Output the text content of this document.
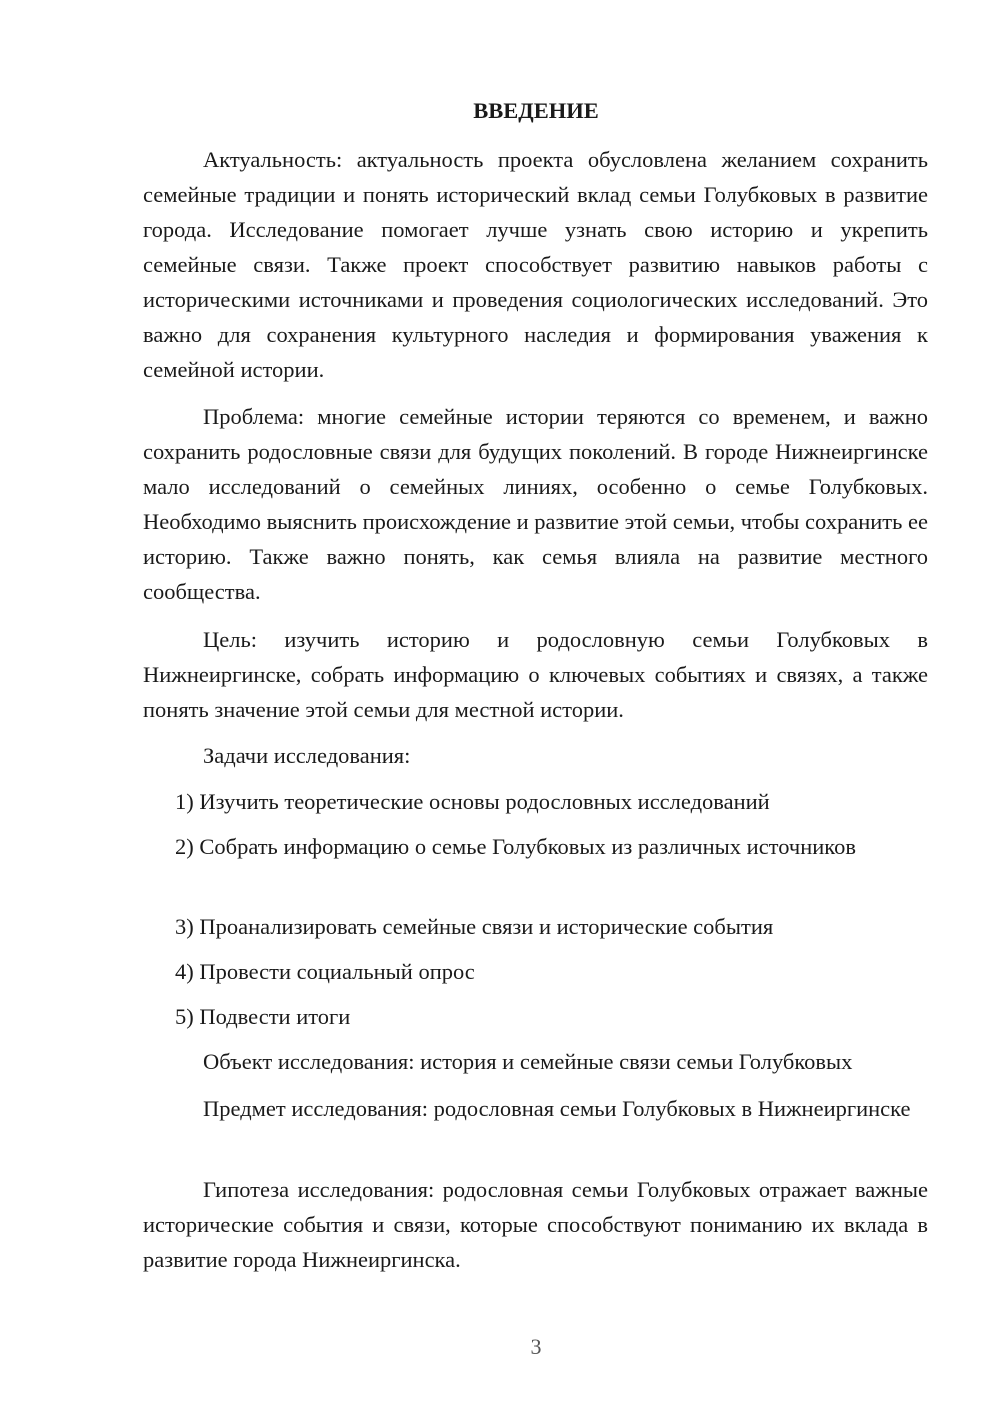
ВВЕДЕНИЕ

Актуальность: актуальность проекта обусловлена желанием сохранить семейные традиции и понять исторический вклад семьи Голубковых в развитие города. Исследование помогает лучше узнать свою историю и укрепить семейные связи. Также проект способствует развитию навыков работы с историческими источниками и проведения социологических исследований. Это важно для сохранения культурного наследия и формирования уважения к семейной истории.

Проблема: многие семейные истории теряются со временем, и важно сохранить родословные связи для будущих поколений. В городе Нижнеиргинске мало исследований о семейных линиях, особенно о семье Голубковых. Необходимо выяснить происхождение и развитие этой семьи, чтобы сохранить ее историю. Также важно понять, как семья влияла на развитие местного сообщества.

Цель: изучить историю и родословную семьи Голубковых в Нижнеиргинске, собрать информацию о ключевых событиях и связях, а также понять значение этой семьи для местной истории.

Задачи исследования:

1) Изучить теоретические основы родословных исследований

2) Собрать информацию о семье Голубковых из различных источников

3) Проанализировать семейные связи и исторические события

4) Провести социальный опрос

5) Подвести итоги

Объект исследования: история и семейные связи семьи Голубковых

Предмет исследования: родословная семьи Голубковых в Нижнеиргинске

Гипотеза исследования: родословная семьи Голубковых отражает важные исторические события и связи, которые способствуют пониманию их вклада в развитие города Нижнеиргинска.

3
